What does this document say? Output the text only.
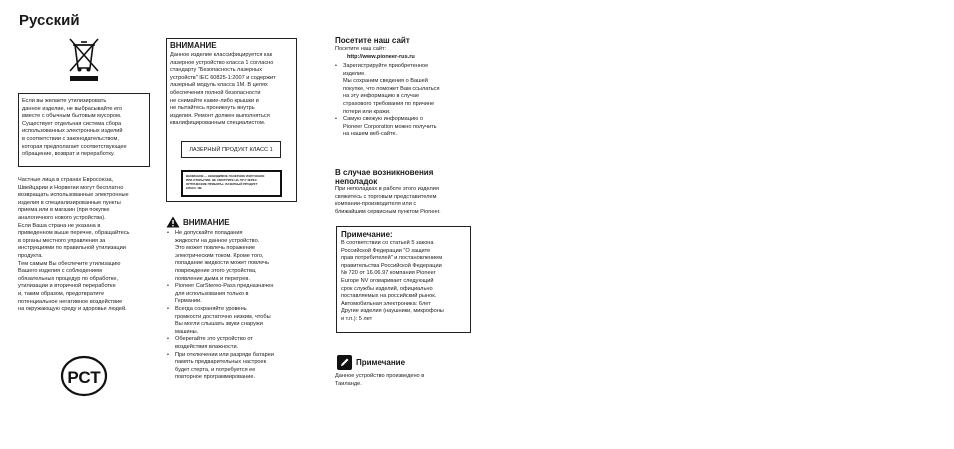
Русский
Если вы желаете утилизировать
данное изделие, не выбрасывайте его
вместе с обычным бытовым мусором.
Существует отдельная система сбора
использованных электронных изделий
в соответствии с законодательством,
которая предполагает соответствующее
обращение, возврат и переработку.
Частные лица в странах Евросоюза,
Швейцарии и Норвегии могут бесплатно
возвращать использованные электронные
изделия в специализированные пункты
приема или в магазин (при покупке
аналогичного нового устройства).
Если Ваша страна не указана в
приведенном выше перечне, обращайтесь
в органы местного управления за
инструкциями по правильной утилизации
продукта.
Тем самым Вы обеспечите утилизацию
Вашего изделия с соблюдением
обязательных процедур по обработке,
утилизации и вторичной переработке
и, таким образом, предотвратите
потенциальное негативное воздействие
на окружающую среду и здоровье людей.
РСТ
ВНИМАНИЕ
Данное изделие классифицируется как
лазерное устройство класса 1 согласно
стандарту "Безопасность лазерных
устройств" IEC 60825-1:2007 и содержит
лазерный модуль класса 1М. В целях
обеспечения полной безопасности
не снимайте какие-либо крышки и
не пытайтесь проникнуть внутрь
изделия. Ремонт должен выполняться
квалифицированным специалистом.
ЛАЗЕРНЫЙ ПРОДУКТ КЛАСС 1
ВНИМАНИЕ — НЕВИДИМОЕ ЛАЗЕРНОЕ ИЗЛУЧЕНИЕ
ПРИ ОТКРЫТИИ. НЕ СМОТРИТЕ НА ЛУЧ ЧЕРЕЗ
ОПТИЧЕСКИЕ ПРИБОРЫ. ЛАЗЕРНЫЙ ПРОДУКТ
КЛАСС 1М.
ВНИМАНИЕ
• Не допускайте попадания
жидкости на данное устройство.
Это может повлечь поражение
электрическим током. Кроме того,
попадание жидкости может повлечь
повреждение этого устройства,
появление дыма и перегрев.
• Pioneer CarStereo-Pass предназначен
для использования только в
Германии.
• Всегда сохраняйте уровень
громкости достаточно низким, чтобы
Вы могли слышать звуки снаружи
машины.
• Оберегайте это устройство от
воздействия влажности.
• При отключении или разряде батареи
память предварительных настроек
будет стерта, и потребуется ее
повторное программирование.
Посетите наш сайт
Посетите наш сайт:
http://www.pioneer-rus.ru
• Зарегистрируйте приобретенное
изделие.
Мы сохраним сведения о Вашей
покупке, что поможет Вам ссылаться
на эту информацию в случае
страхового требования по причине
потери или кражи.
• Самую свежую информацию о
Pioneer Corporation можно получить
на нашем веб-сайте.
В случае возникновения
неполадок
При неполадках в работе этого изделия
свяжитесь с торговым представителем
компании-производителя или с
ближайшим сервисным пунктом Pioneer.
Примечание:
В соответствии со статьей 5 закона
Российской Федерации "О защите
прав потребителей" и постановлением
правительства Российской Федерации
№ 720 от 16.06.97 компания Pioneer
Europe NV оговаривает следующий
срок службы изделий, официально
поставляемых на российский рынок.
Автомобильная электроника: 6лет
Другие изделия (наушники, микрофоны
и т.п.): 5 лет
Примечание
Данное устройство произведено в
Таиланде.
